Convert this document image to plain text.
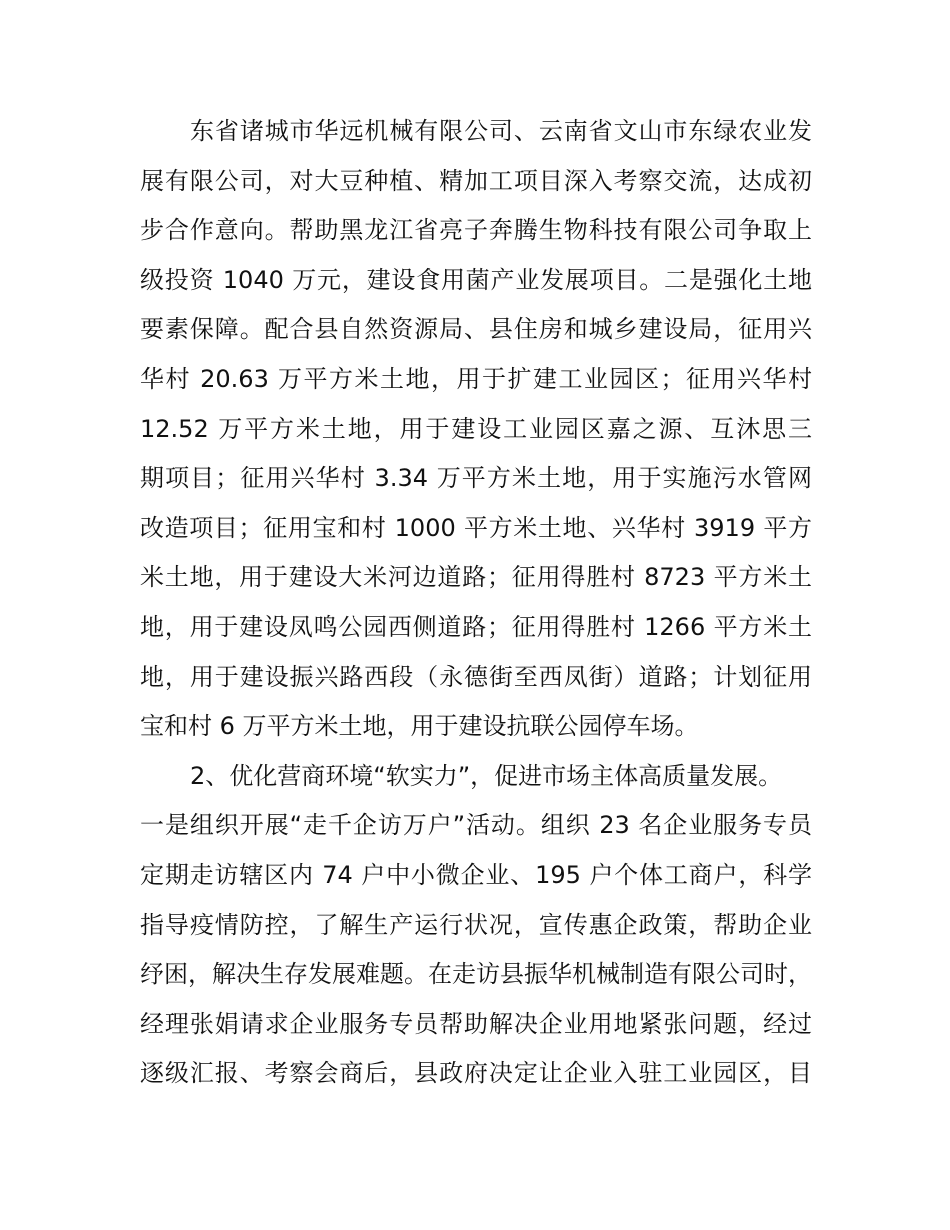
东省诸城市华远机械有限公司、云南省文山市东绿农业发
展有限公司，对大豆种植、精加工项目深入考察交流，达成初
步合作意向。帮助黑龙江省亮子奔腾生物科技有限公司争取上
级投资 1040 万元，建设食用菌产业发展项目。二是强化土地
要素保障。配合县自然资源局、县住房和城乡建设局，征用兴
华村 20.63 万平方米土地，用于扩建工业园区；征用兴华村
12.52 万平方米土地，用于建设工业园区嘉之源、互沐思三
期项目；征用兴华村 3.34 万平方米土地，用于实施污水管网
改造项目；征用宝和村 1000 平方米土地、兴华村 3919 平方
米土地，用于建设大米河边道路；征用得胜村 8723 平方米土
地，用于建设凤鸣公园西侧道路；征用得胜村 1266 平方米土
地，用于建设振兴路西段（永德街至西凤街）道路；计划征用
宝和村 6 万平方米土地，用于建设抗联公园停车场。
2、优化营商环境“软实力”，促进市场主体高质量发展。
一是组织开展“走千企访万户”活动。组织 23 名企业服务专员
定期走访辖区内 74 户中小微企业、195 户个体工商户，科学
指导疫情防控，了解生产运行状况，宣传惠企政策，帮助企业
纾困，解决生存发展难题。在走访县振华机械制造有限公司时，
经理张娟请求企业服务专员帮助解决企业用地紧张问题，经过
逐级汇报、考察会商后，县政府决定让企业入驻工业园区，目
